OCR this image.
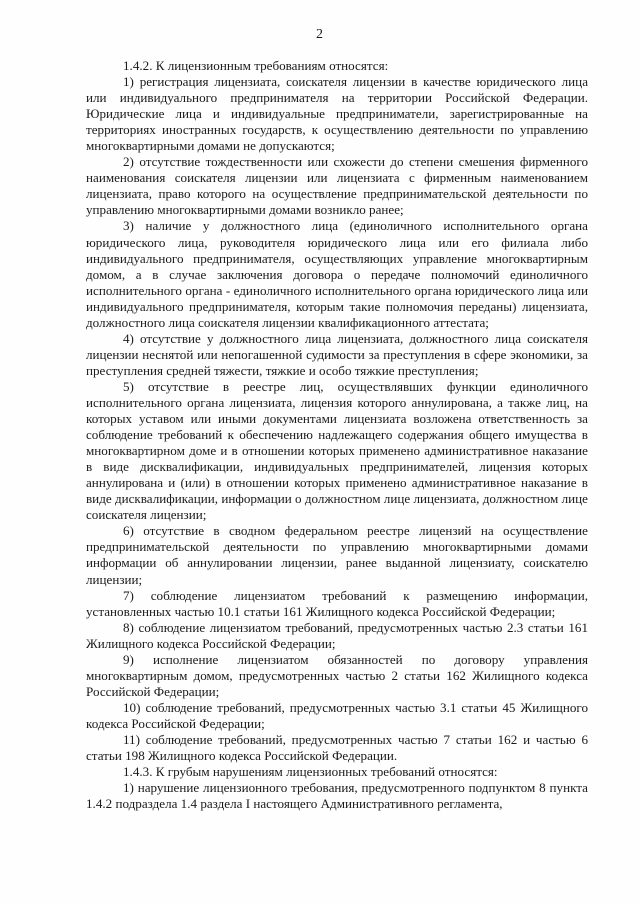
2

1.4.2. К лицензионным требованиям относятся:

1) регистрация лицензиата, соискателя лицензии в качестве юридического лица или индивидуального предпринимателя на территории Российской Федерации. Юридические лица и индивидуальные предприниматели, зарегистрированные на территориях иностранных государств, к осуществлению деятельности по управлению многоквартирными домами не допускаются;

2) отсутствие тождественности или схожести до степени смешения фирменного наименования соискателя лицензии или лицензиата с фирменным наименованием лицензиата, право которого на осуществление предпринимательской деятельности по управлению многоквартирными домами возникло ранее;

3) наличие у должностного лица (единоличного исполнительного органа юридического лица, руководителя юридического лица или его филиала либо индивидуального предпринимателя, осуществляющих управление многоквартирным домом, а в случае заключения договора о передаче полномочий единоличного исполнительного органа - единоличного исполнительного органа юридического лица или индивидуального предпринимателя, которым такие полномочия переданы) лицензиата, должностного лица соискателя лицензии квалификационного аттестата;

4) отсутствие у должностного лица лицензиата, должностного лица соискателя лицензии неснятой или непогашенной судимости за преступления в сфере экономики, за преступления средней тяжести, тяжкие и особо тяжкие преступления;

5) отсутствие в реестре лиц, осуществлявших функции единоличного исполнительного органа лицензиата, лицензия которого аннулирована, а также лиц, на которых уставом или иными документами лицензиата возложена ответственность за соблюдение требований к обеспечению надлежащего содержания общего имущества в многоквартирном доме и в отношении которых применено административное наказание в виде дисквалификации, индивидуальных предпринимателей, лицензия которых аннулирована и (или) в отношении которых применено административное наказание в виде дисквалификации, информации о должностном лице лицензиата, должностном лице соискателя лицензии;

6) отсутствие в сводном федеральном реестре лицензий на осуществление предпринимательской деятельности по управлению многоквартирными домами информации об аннулировании лицензии, ранее выданной лицензиату, соискателю лицензии;

7) соблюдение лицензиатом требований к размещению информации, установленных частью 10.1 статьи 161 Жилищного кодекса Российской Федерации;

8) соблюдение лицензиатом требований, предусмотренных частью 2.3 статьи 161 Жилищного кодекса Российской Федерации;

9) исполнение лицензиатом обязанностей по договору управления многоквартирным домом, предусмотренных частью 2 статьи 162 Жилищного кодекса Российской Федерации;

10) соблюдение требований, предусмотренных частью 3.1 статьи 45 Жилищного кодекса Российской Федерации;

11) соблюдение требований, предусмотренных частью 7 статьи 162 и частью 6 статьи 198 Жилищного кодекса Российской Федерации.

1.4.3. К грубым нарушениям лицензионных требований относятся:

1) нарушение лицензионного требования, предусмотренного подпунктом 8 пункта 1.4.2 подраздела 1.4 раздела I настоящего Административного регламента,
